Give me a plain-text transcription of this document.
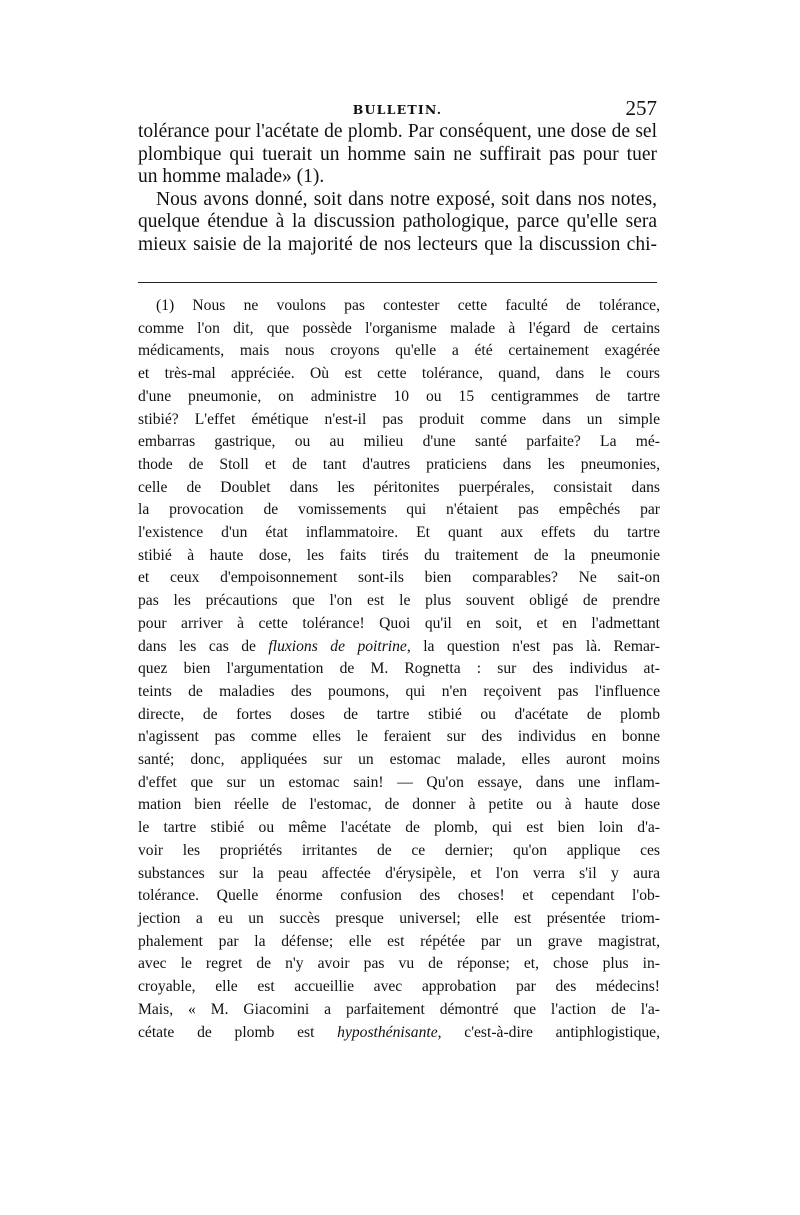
BULLETIN.	257
tolérance pour l'acétate de plomb. Par conséquent, une dose de sel
plombique qui tuerait un homme sain ne suffirait pas pour tuer
un homme malade» (1).
Nous avons donné, soit dans notre exposé, soit dans nos notes,
quelque étendue à la discussion pathologique, parce qu'elle sera
mieux saisie de la majorité de nos lecteurs que la discussion chi-
(1) Nous ne voulons pas contester cette faculté de tolérance,
comme l'on dit, que possède l'organisme malade à l'égard de certains
médicaments, mais nous croyons qu'elle a été certainement exagérée
et très-mal appréciée. Où est cette tolérance, quand, dans le cours
d'une pneumonie, on administre 10 ou 15 centigrammes de tartre
stibié? L'effet émétique n'est-il pas produit comme dans un simple
embarras gastrique, ou au milieu d'une santé parfaite? La mé-
thode de Stoll et de tant d'autres praticiens dans les pneumonies,
celle de Doublet dans les péritonites puerpérales, consistait dans
la provocation de vomissements qui n'étaient pas empêchés par
l'existence d'un état inflammatoire. Et quant aux effets du tartre
stibié à haute dose, les faits tirés du traitement de la pneumonie
et ceux d'empoisonnement sont-ils bien comparables? Ne sait-on
pas les précautions que l'on est le plus souvent obligé de prendre
pour arriver à cette tolérance! Quoi qu'il en soit, et en l'admettant
dans les cas de fluxions de poitrine, la question n'est pas là. Remar-
quez bien l'argumentation de M. Rognetta : sur des individus at-
teints de maladies des poumons, qui n'en reçoivent pas l'influence
directe, de fortes doses de tartre stibié ou d'acétate de plomb
n'agissent pas comme elles le feraient sur des individus en bonne
santé; donc, appliquées sur un estomac malade, elles auront moins
d'effet que sur un estomac sain! — Qu'on essaye, dans une inflam-
mation bien réelle de l'estomac, de donner à petite ou à haute dose
le tartre stibié ou même l'acétate de plomb, qui est bien loin d'a-
voir les propriétés irritantes de ce dernier; qu'on applique ces
substances sur la peau affectée d'érysipèle, et l'on verra s'il y aura
tolérance. Quelle énorme confusion des choses! et cependant l'ob-
jection a eu un succès presque universel; elle est présentée triom-
phalement par la défense; elle est répétée par un grave magistrat,
avec le regret de n'y avoir pas vu de réponse; et, chose plus in-
croyable, elle est accueillie avec approbation par des médecins!
Mais, « M. Giacomini a parfaitement démontré que l'action de l'a-
cétate de plomb est hyposthénisante, c'est-à-dire antiphlogistique,
